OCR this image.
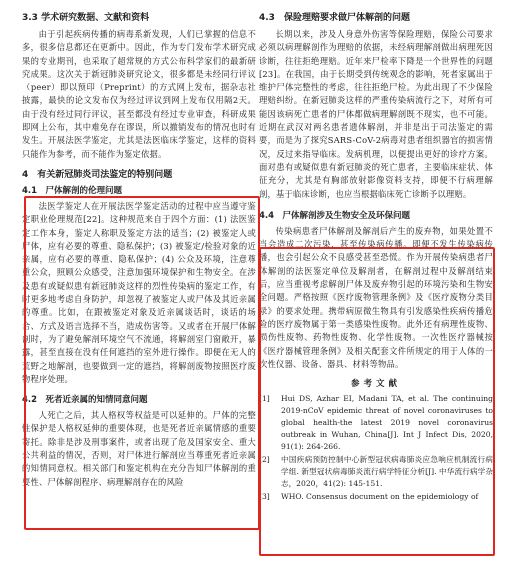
3.3 学术研究数据、文献和资料

由于引起疾病传播的病毒系新发现，人们已掌握的信息不多，很多信息都还在更新中。因此，作为专门发布学术研究成果的专业期刊，也采取了超常规的方式公布科学家们的最新研究成果。这次关于新冠肺炎研究论文，很多都是未经同行评议（peer）即以预印（Preprint）的方式网上发布，据杂志社披露，最快的论文发布仅为经过评议到网上发布仅用隔2天。由于没有经过同行评议，甚至都没有经过专业审查，科研成果即网上公布，其中难免存在谬误，所以撤销发布的情况也时有发生。开展法医学鉴定，尤其是法医临床学鉴定，这样的资料只能作为参考，而不能作为鉴定依据。

4　有关新冠肺炎司法鉴定的特别问题
4.1　尸体解剖的伦理问题

法医学鉴定人在开展法医学鉴定活动的过程中应当遵守鉴定职业伦理规范[22]。这种规范来自于四个方面：(1) 法医鉴定工作本身，鉴定人称职及鉴定方法的适当；(2) 被鉴定人或尸体，应有必要的尊重、隐私保护；(3) 被鉴定/检验对象的近亲属，应有必要的尊重、隐私保护；(4) 公众及环境，注意尊重公众，照顾公众感受，注意加强环境保护和生物安全。在涉及患有或疑似患有新冠肺炎这样的烈性传染病的鉴定工作，有时更多地考虑自身防护，却忽视了被鉴定人或尸体及其近亲属的尊重。比如，在跟被鉴定对象及近亲属谈话时，谈话的场合、方式及语言选择不当，造成伤害等。又或者在开展尸体解剖时，为了避免解剖环境空气不流通，将解剖室门窗敞开，暴露，甚至直接在没有任何遮挡的室外进行操作。即便在无人的荒野之地解剖，也要做到一定的遮挡，将解剖废物按照医疗废物程序处理。

4.2　死者近亲属的知情同意问题

人死亡之后，其人格权等权益是可以延伸的。尸体的完整性保护是人格权延伸的重要体现，也是死者近亲属情感的重要寄托。除非是涉及刑事案件，或者出现了危及国家安全、重大公共利益的情况，否则，对尸体进行解剖应当尊重死者近亲属的知情同意权。相关部门和鉴定机构在充分告知尸体解剖的重要性、尸体解剖程序、病理解剖存在的风险

4.3　保险理赔要求做尸体解剖的问题

长期以来，涉及人身意外伤害等保险理赔，保险公司要求必须以病理解剖作为理赔的依据，未经病理解剖做出病理死因诊断，往往拒绝理赔。近年来尸检率下降是一个世界性的问题[23]。在我国，由于长期受到传统观念的影响，死者家属出于维护尸体完整性的考虑，往往拒绝尸检。为此出现了不少保险理赔纠纷。在新冠肺炎这样的严重传染病流行之下，对所有可能因该病死亡患者的尸体都做病理解剖既不现实，也不可能。近期在武汉对两名患者遗体解剖，并非是出于司法鉴定的需要，而是为了探究SARS-CoV-2病毒对患者组织器官的损害情况，反过来指导临床。发病机理，以便提出更好的诊疗方案。面对患有或疑似患有新冠肺炎的死亡患者，主要临床症状、体征充分，尤其是有胸部放射影像资料支持，即便不行病理解剖，基于临床诊断，也应当根据临床死亡诊断予以理赔。

4.4　尸体解剖涉及生物安全及环保问题

传染病患者尸体解剖及解剖后产生的废弃物，如果处置不当会造成二次污染，甚至传染病传播。即便不发生传染病传播，也会引起公众不良感受甚至恐慌。作为开展传染病患者尸体解剖的法医鉴定单位及解剖者，在解剖过程中及解剖结束后，应当重视考虑解剖尸体及废弃物引起的环境污染和生物安全问题。严格按照《医疗废物管理条例》及《医疗废物分类目录》的要求处理。携带病原微生物具有引发感染性疾病传播危险的医疗废物属于第一类感染性废物。此外还有病理性废物、损伤性废物、药物性废物、化学性废物。一次性医疗器械按《医疗器械管理条例》及相关配套文件所规定的用于人体的一次性仪器、设备、器具、材料等物品。

参考文献
[1]	Hui DS, Azhar EI, Madani TA, et al. The continuing 2019-nCoV epidemic threat of novel coronaviruses to global health-the latest 2019 novel coronavirus outbreak in Wuhan, China[J]. Int J Infect Dis, 2020, 91(1): 264-266.
[2]	中国疾病预防控制中心新型冠状病毒肺炎应急响应机制流行病学组. 新型冠状病毒肺炎流行病学特征分析[J]. 中华流行病学杂志，2020，41(2): 145-151.
[3]	WHO. Consensus document on the epidemiology of
